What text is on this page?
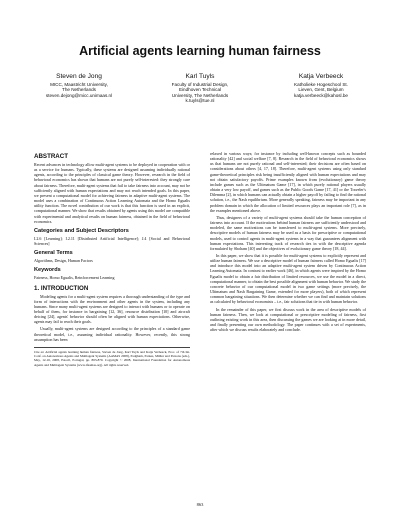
Artificial agents learning human fairness
Steven de Jong
MICC, Maastricht University,
The Netherlands
steven.dejong@micc.unimaas.nl
Karl Tuyls
Faculty of Industrial Design,
Eindhoven Technical
University, The Netherlands
k.tuyls@tue.nl
Katja Verbeeck
Katholieke Hogeschool St.
Lieven, Gent, Belgium
katja.verbeeck@kahosl.be
ABSTRACT

Recent advances in technology allow multi-agent systems to be deployed in cooperation with or as a service for humans. Typically, these systems are designed assuming individually rational agents, according to the principles of classical game theory. However, research in the field of behavioral economics has shown that humans are not purely self-interested: they strongly care about fairness. Therefore, multi-agent systems that fail to take fairness into account, may not be sufficiently aligned with human expectations and may not reach intended goals. In this paper, we present a computational model for achieving fairness in adaptive multi-agent systems. The model uses a combination of Continuous Action Learning Automata and the Homo Egualis utility function. The novel contribution of our work is that this function is used in an explicit, computational manner. We show that results obtained by agents using this model are compatible with experimental and analytical results on human fairness, obtained in the field of behavioral economics.

Categories and Subject Descriptors

I.2.6 [Learning]; I.2.11 [Distributed Artificial Intelligence]; J.4 [Social and Behavioral Sciences]

General Terms

Algorithms, Design, Human Factors

Keywords

Fairness, Homo Egualis, Reinforcement Learning

1. INTRODUCTION

Modeling agents for a multi-agent system requires a thorough understanding of the type and form of interactions with the environment and other agents in the system, including any humans. Since many multi-agent systems are designed to interact with humans or to operate on behalf of them, for instance in bargaining [12, 36], resource distribution [10] and aircraft deicing [24], agents' behavior should often be aligned with human expectations. Otherwise, agents may fail to reach their goals.

Usually, multi-agent systems are designed according to the principles of a standard game theoretical model, i.e., assuming individual rationality. However, recently, this strong assumption has been

Cite as: Artificial agents learning human fairness, Steven de Jong, Karl Tuyls and Katja Verbeeck, Proc. of 7th Int. Conf. on Autonomous Agents and Multiagent Systems (AAMAS 2008), Padgham, Parkes, Müller and Parsons (eds.), May, 12-16, 2008, Estoril, Portugal, pp. 863-870. Copyright © 2008, International Foundation for Autonomous Agents and Multiagent Systems (www.ifaamas.org). All rights reserved.

relaxed in various ways; for instance by including well-known concepts such as bounded rationality [42] and social welfare [7, 8]. Research in the field of behavioral economics shows us that humans are not purely rational and self-interested; their decisions are often based on considerations about others [4, 17, 18]. Therefore, multi-agent systems using only standard game-theoretical principles risk being insufficiently aligned with human expectations and may not obtain satisfactory payoffs. Prime examples known from (evolutionary) game theory include games such as the Ultimatum Game [17], in which purely rational players usually obtain a very low payoff, and games such as the Public Goods Game [17, 41] or the Traveler's Dilemma [2], in which humans can actually obtain a higher payoff by failing to find the rational solution, i.e., the Nash equilibrium. More generally speaking, fairness may be important in any problem domain in which the allocation of limited resources plays an important role [7], as in the examples mentioned above.

Thus, designers of a variety of multi-agent systems should take the human conception of fairness into account. If the motivations behind human fairness are sufficiently understood and modeled, the same motivations can be transferred to multi-agent systems. More precisely, descriptive models of human fairness may be used as a basis for prescriptive or computational models, used to control agents in multi-agent systems in a way that guarantees alignment with human expectations. This interesting track of research ties in with the descriptive agenda formulated by Shoham [40] and the objectives of evolutionary game theory [18, 44].

In this paper, we show that it is possible for multi-agent systems to explicitly represent and utilize human fairness. We use a descriptive model of human fairness called Homo Egualis [17] and introduce this model into an adaptive multi-agent system driven by Continuous Action Learning Automata. In contrast to earlier work [46], in which agents were inspired by the Homo Egualis model to obtain a fair distribution of limited resources, we use the model in a direct, computational manner, to obtain the best possible alignment with human behavior. We study the concrete behavior of our computational model in two game settings (more precisely, the Ultimatum and Nash Bargaining Game, extended for more players), both of which represent common bargaining situations. We then determine whether we can find and maintain solutions as calculated by behavioral economists – i.e., fair solutions that tie in with human behavior.

In the remainder of this paper, we first discuss work in the area of descriptive models of human fairness. Then, we look at computational or prescriptive modeling of fairness, first outlining existing work in this area, then discussing the games we are looking at in more detail, and finally presenting our own methodology. The paper continues with a set of experiments, after which we discuss results elaborately and conclude.

863
